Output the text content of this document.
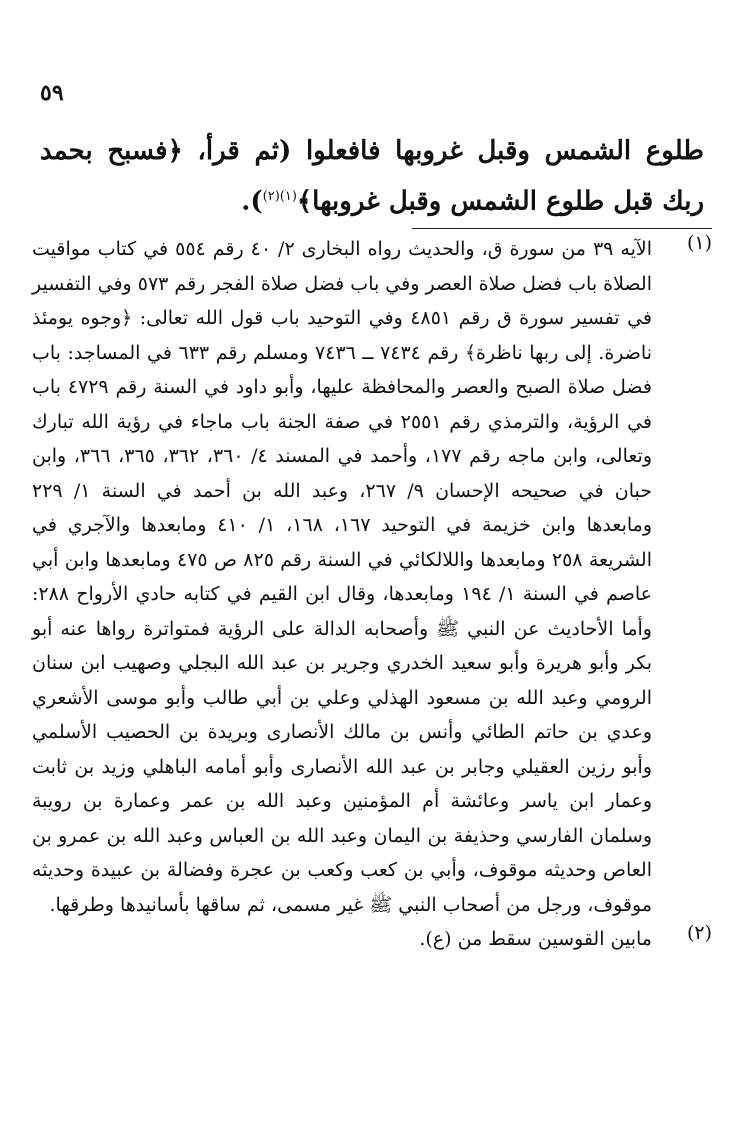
٥٩
طلوع الشمس وقبل غروبها فافعلوا (ثم قرأ، ﴿فسبح بحمد ربك قبل طلوع الشمس وقبل غروبها﴾$^{(١)(٢)}$).
(١)
الآيه ٣٩ من سورة ق، والحديث رواه البخارى ٢/ ٤٠ رقم ٥٥٤ في كتاب مواقيت الصلاة باب فضل صلاة العصر وفي باب فضل صلاة الفجر رقم ٥٧٣ وفي التفسير في تفسير سورة ق رقم ٤٨٥١ وفي التوحيد باب قول الله تعالى: ﴿وجوه يومئذ ناضرة. إلى ربها ناظرة﴾ رقم ٧٤٣٤ ــ ٧٤٣٦ ومسلم رقم ٦٣٣ في المساجد: باب فضل صلاة الصبح والعصر والمحافظة عليها، وأبو داود في السنة رقم ٤٧٢٩ باب في الرؤية، والترمذي رقم ٢٥٥١ في صفة الجنة باب ماجاء في رؤية الله تبارك وتعالى، وابن ماجه رقم ١٧٧، وأحمد في المسند ٤/ ٣٦٠، ٣٦٢، ٣٦٥، ٣٦٦، وابن حبان في صحيحه الإحسان ٩/ ٢٦٧، وعبد الله بن أحمد في السنة ١/ ٢٢٩ ومابعدها وابن خزيمة في التوحيد ١٦٧، ١٦٨، ١/ ٤١٠ ومابعدها والآجري في الشريعة ٢٥٨ ومابعدها واللالكائي في السنة رقم ٨٢٥ ص ٤٧٥ ومابعدها وابن أبي عاصم في السنة ١/ ١٩٤ ومابعدها، وقال ابن القيم في كتابه حادي الأرواح ٢٨٨: وأما الأحاديث عن النبي ﷺ وأصحابه الدالة على الرؤية فمتواترة رواها عنه أبو بكر وأبو هريرة وأبو سعيد الخدري وجرير بن عبد الله البجلي وصهيب ابن سنان الرومي وعبد الله بن مسعود الهذلي وعلي بن أبي طالب وأبو موسى الأشعري وعدي بن حاتم الطائي وأنس بن مالك الأنصارى وبريدة بن الحصيب الأسلمي وأبو رزين العقيلي وجابر بن عبد الله الأنصارى وأبو أمامه الباهلي وزيد بن ثابت وعمار ابن ياسر وعائشة أم المؤمنين وعبد الله بن عمر وعمارة بن رويبة وسلمان الفارسي وحذيفة بن اليمان وعبد الله بن العباس وعبد الله بن عمرو بن العاص وحديثه موقوف، وأبي بن كعب وكعب بن عجرة وفضالة بن عبيدة وحديثه موقوف، ورجل من أصحاب النبي ﷺ غير مسمى، ثم ساقها بأسانيدها وطرقها.
(٢)
مابين القوسين سقط من (ع).
